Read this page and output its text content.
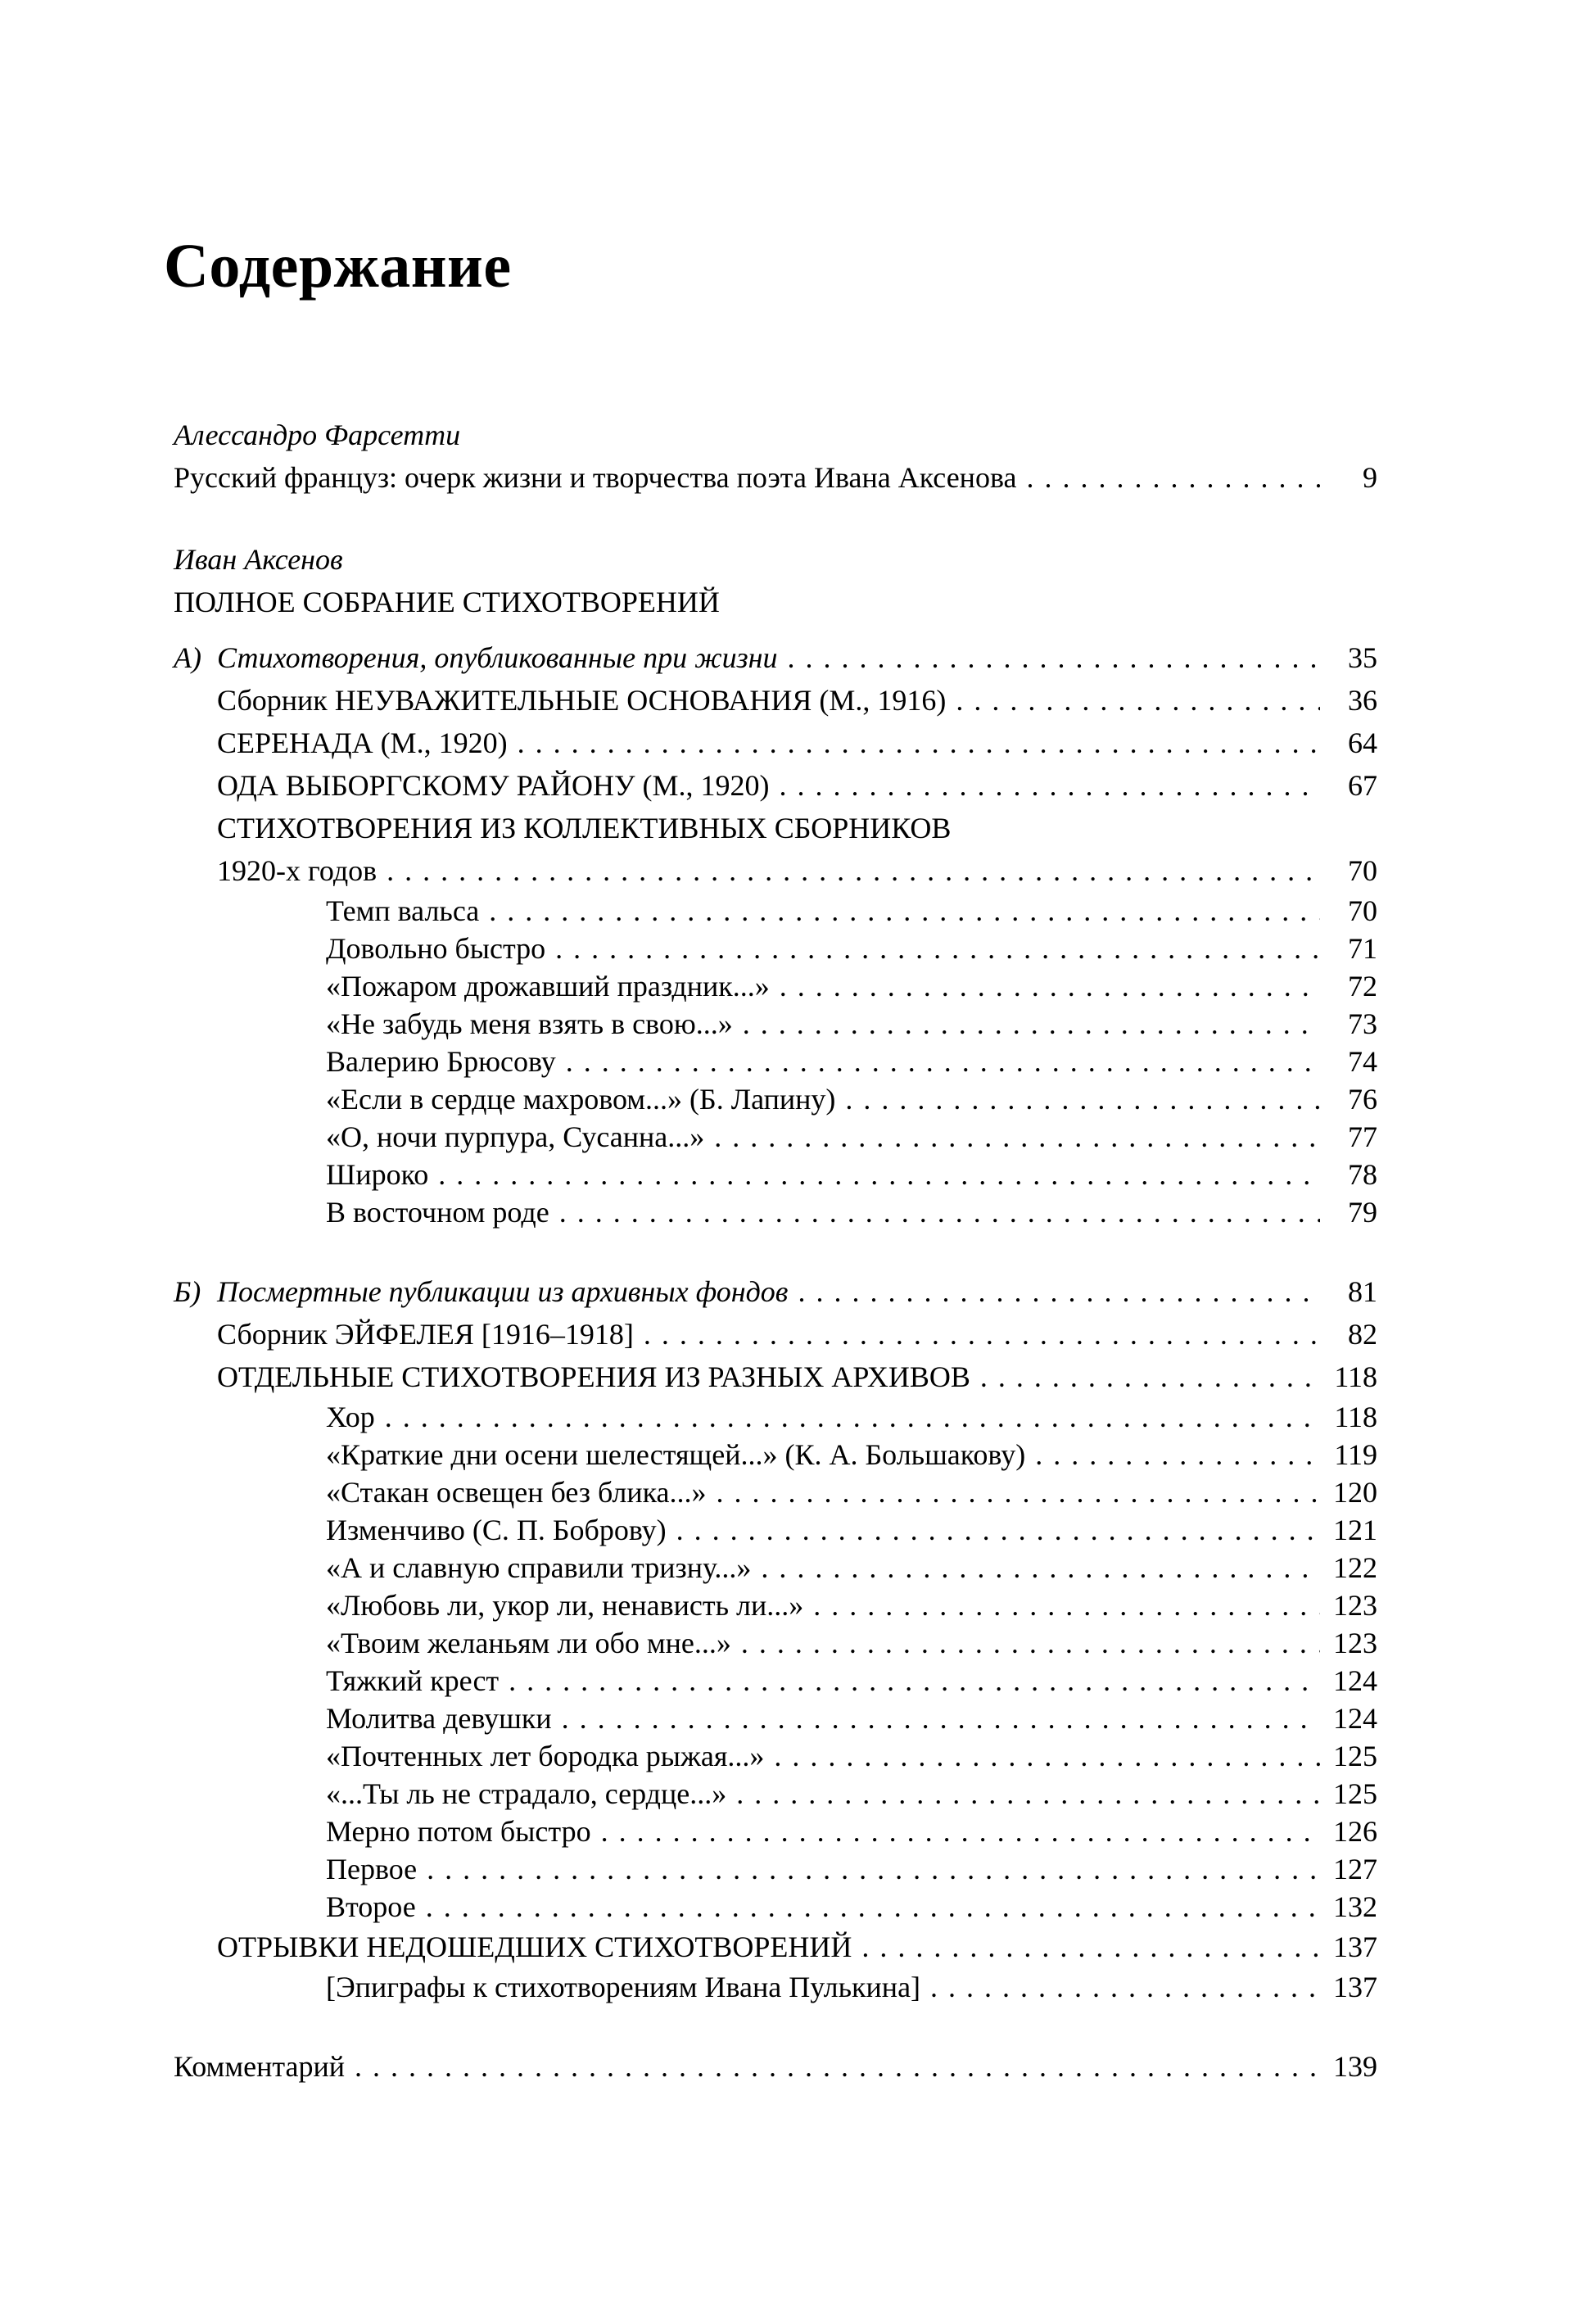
Содержание
Алессандро Фарсетти
Русский француз: очерк жизни и творчества поэта Ивана Аксенова .....	9
Иван Аксенов
ПОЛНОЕ СОБРАНИЕ СТИХОТВОРЕНИЙ
А) Стихотворения, опубликованные при жизни .....	35
Сборник НЕУВАЖИТЕЛЬНЫЕ ОСНОВАНИЯ (М., 1916) .....	36
СЕРЕНАДА (М., 1920) .....	64
ОДА ВЫБОРГСКОМУ РАЙОНУ (М., 1920) .....	67
СТИХОТВОРЕНИЯ ИЗ КОЛЛЕКТИВНЫХ СБОРНИКОВ
1920-х годов .....	70
Темп вальса .....	70
Довольно быстро .....	71
«Пожаром дрожавший праздник...» .....	72
«Не забудь меня взять в свою...» .....	73
Валерию Брюсову .....	74
«Если в сердце махровом...» (Б. Лапину) .....	76
«О, ночи пурпура, Сусанна...» .....	77
Широко .....	78
В восточном роде .....	79
Б) Посмертные публикации из архивных фондов .....	81
Сборник ЭЙФЕЛЕЯ [1916–1918] .....	82
ОТДЕЛЬНЫЕ СТИХОТВОРЕНИЯ ИЗ РАЗНЫХ АРХИВОВ .....	118
Хор .....	118
«Краткие дни осени шелестящей...» (К. А. Большакову) .....	119
«Стакан освещен без блика...» .....	120
Изменчиво (С. П. Боброву) .....	121
«А и славную справили тризну...» .....	122
«Любовь ли, укор ли, ненависть ли...» .....	123
«Твоим желаньям ли обо мне...» .....	123
Тяжкий крест .....	124
Молитва девушки .....	124
«Почтенных лет бородка рыжая...» .....	125
«...Ты ль не страдало, сердце...» .....	125
Мерно потом быстро .....	126
Первое .....	127
Второе .....	132
ОТРЫВКИ НЕДОШЕДШИХ СТИХОТВОРЕНИЙ .....	137
[Эпиграфы к стихотворениям Ивана Пулькина] .....	137
Комментарий .....	139
